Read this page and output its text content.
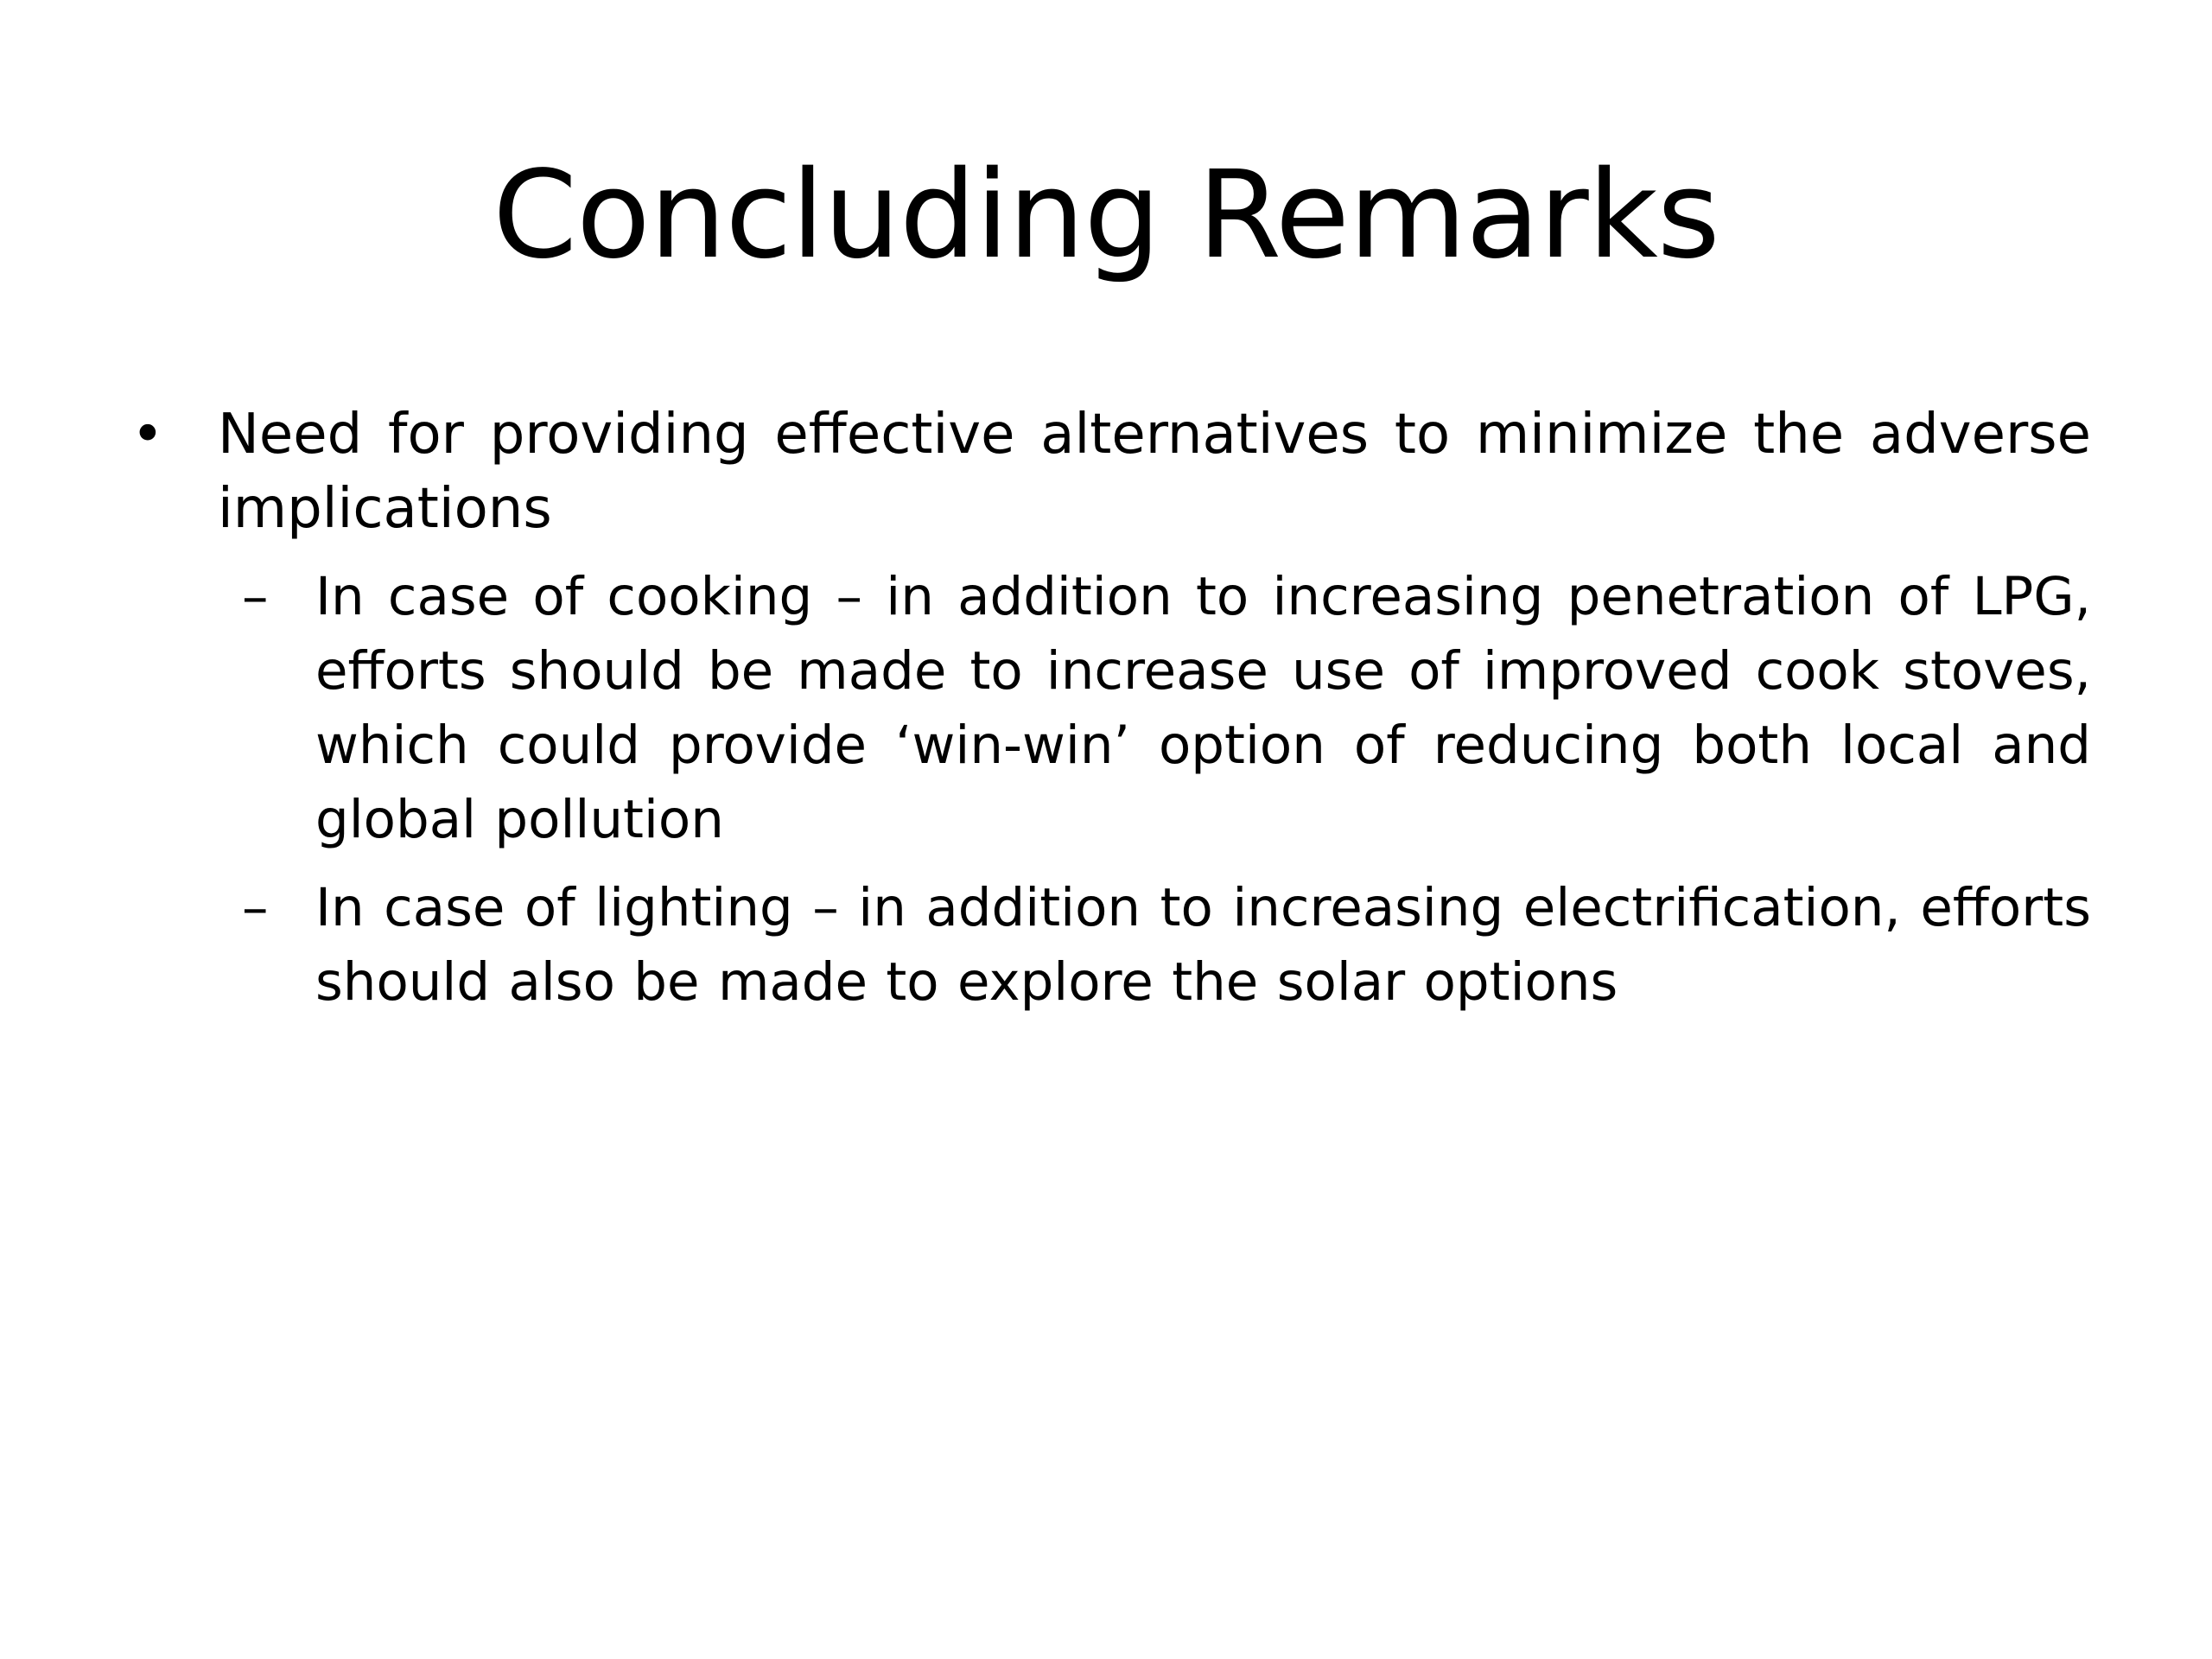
Concluding Remarks
• Need for providing effective alternatives to minimize the adverse implications
– In case of cooking – in addition to increasing penetration of LPG, efforts should be made to increase use of improved cook stoves, which could provide ‘win-win’ option of reducing both local and global pollution
– In case of lighting – in addition to increasing electrification, efforts should also be made to explore the solar options
